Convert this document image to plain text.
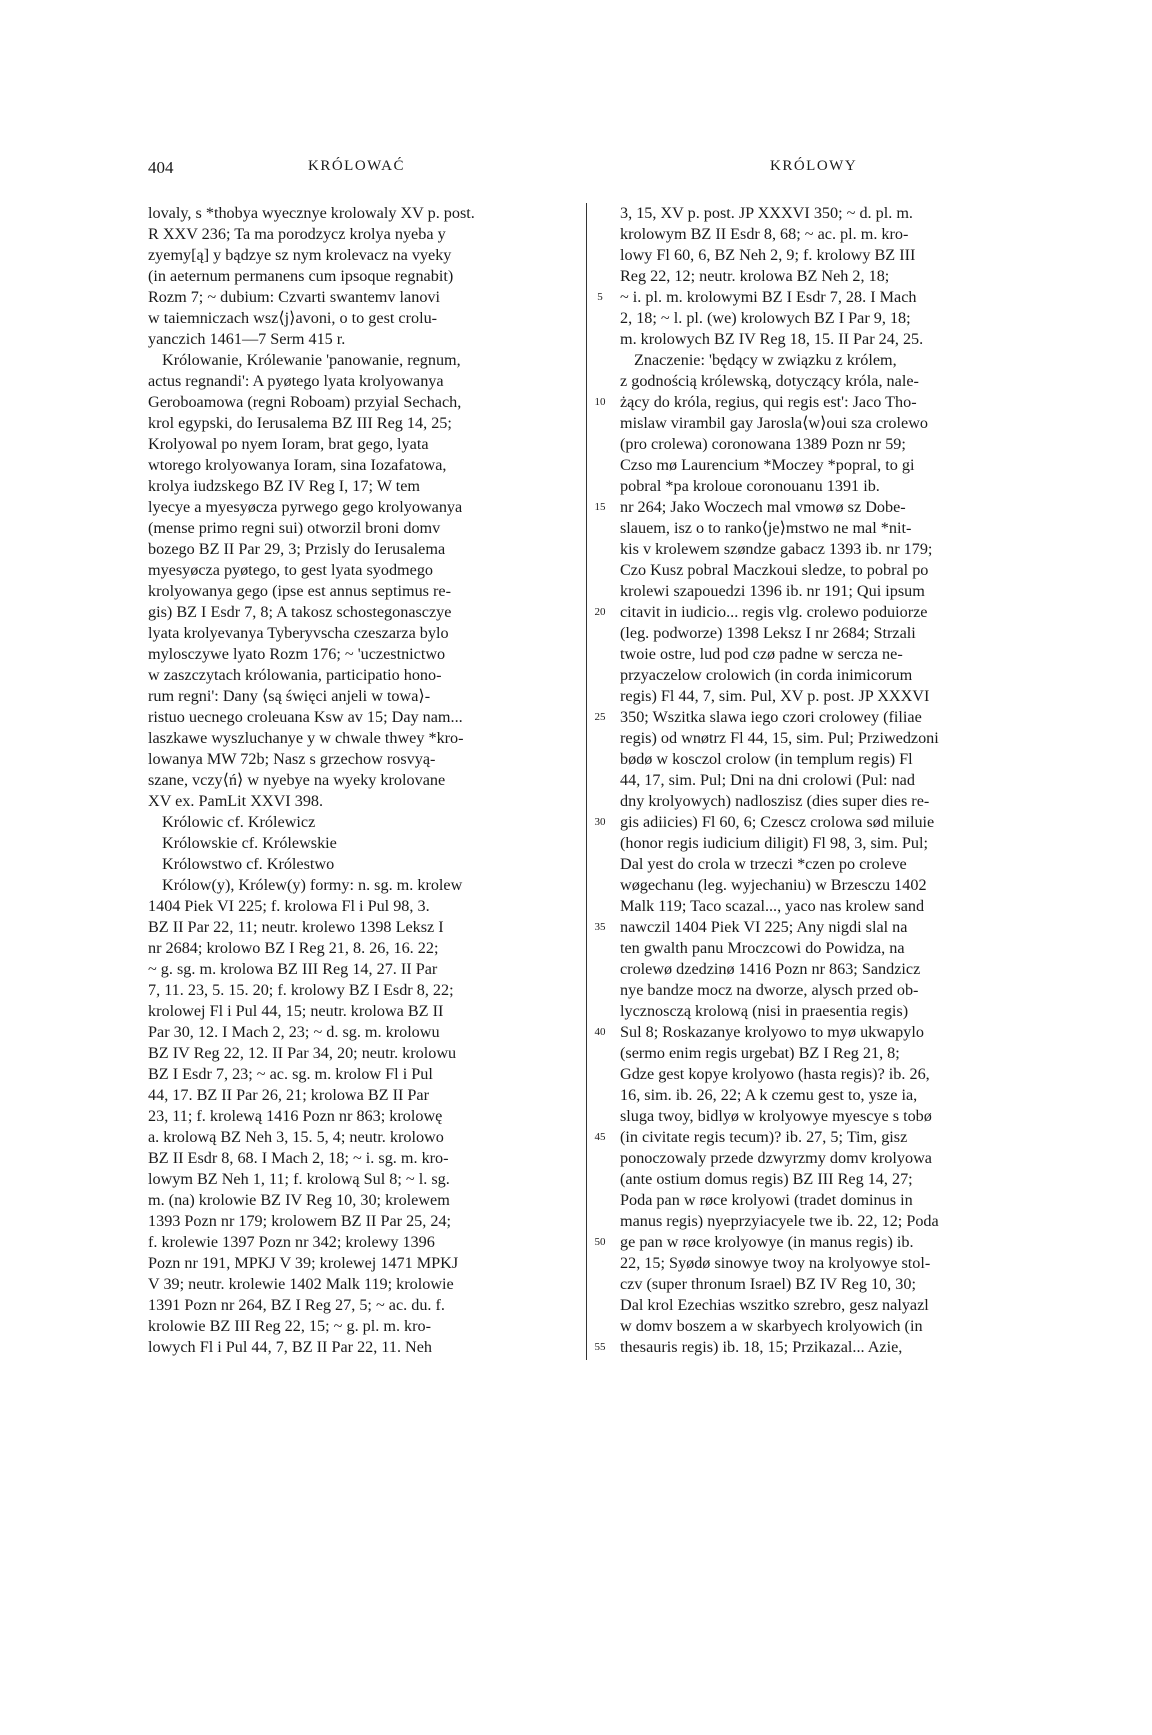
404	KRÓLOWAĆ	KRÓLOWY
lovaly, s *thobya wyecznye krolowaly XV p. post.
R XXV 236; Ta ma porodzycz krolya nyeba y
zyemy[ą] y bądzye sz nym krolevacz na vyeky
(in aeternum permanens cum ipsoque regnabit)
Rozm 7; ~ dubium: Czvarti swantemv lanovi
w taiemniczach wsz⟨j⟩avoni, o to gest crolu-
yanczich 1461—7 Serm 415 r.
Królowanie, Królewanie 'panowanie, regnum,
actus regnandi': A pyøtego lyata krolyowanya
Geroboamowa (regni Roboam) przyial Sechach,
krol egypski, do Ierusalema BZ III Reg 14, 25;
Krolyowal po nyem Ioram, brat gego, lyata
wtorego krolyowanya Ioram, sina Iozafatowa,
krolya iudzskego BZ IV Reg I, 17; W tem
lyecye a myesyøcza pyrwego gego krolyowanya
(mense primo regni sui) otworzil broni domv
bozego BZ II Par 29, 3; Przisly do Ierusalema
myesyøcza pyøtego, to gest lyata syodmego
krolyowanya gego (ipse est annus septimus re-
gis) BZ I Esdr 7, 8; A takosz schostegonasczye
lyata krolyevanya Tyberyvscha czeszarza bylo
mylosczywe lyato Rozm 176; ~ 'uczestnictwo
w zaszczytach królowania, participatio hono-
rum regni': Dany ⟨są święci anjeli w towa⟩-
ristuo uecnego croleuana Ksw av 15; Day nam...
laszkawe wyszluchanye y w chwale thwey *kro-
lowanya MW 72b; Nasz s grzechow rosvyą-
szane, vczy⟨ń⟩ w nyebye na wyeky krolovane
XV ex. PamLit XXVI 398.
Królowic cf. Królewicz
Królowskie cf. Królewskie
Królowstwo cf. Królestwo
Królow(y), Królew(y) formy: n. sg. m. krolew
1404 Piek VI 225; f. krolowa Fl i Pul 98, 3.
BZ II Par 22, 11; neutr. krolewo 1398 Leksz I
nr 2684; krolowo BZ I Reg 21, 8. 26, 16. 22;
~ g. sg. m. krolowa BZ III Reg 14, 27. II Par
7, 11. 23, 5. 15. 20; f. krolowy BZ I Esdr 8, 22;
krolowej Fl i Pul 44, 15; neutr. krolowa BZ II
Par 30, 12. I Mach 2, 23; ~ d. sg. m. krolowu
BZ IV Reg 22, 12. II Par 34, 20; neutr. krolowu
BZ I Esdr 7, 23; ~ ac. sg. m. krolow Fl i Pul
44, 17. BZ II Par 26, 21; krolowa BZ II Par
23, 11; f. krolewą 1416 Pozn nr 863; krolowę
a. krolową BZ Neh 3, 15. 5, 4; neutr. krolowo
BZ II Esdr 8, 68. I Mach 2, 18; ~ i. sg. m. kro-
lowym BZ Neh 1, 11; f. krolową Sul 8; ~ l. sg.
m. (na) krolowie BZ IV Reg 10, 30; krolewem
1393 Pozn nr 179; krolowem BZ II Par 25, 24;
f. krolewie 1397 Pozn nr 342; krolewy 1396
Pozn nr 191, MPKJ V 39; krolewej 1471 MPKJ
V 39; neutr. krolewie 1402 Malk 119; krolowie
1391 Pozn nr 264, BZ I Reg 27, 5; ~ ac. du. f.
krolowie BZ III Reg 22, 15; ~ g. pl. m. kro-
lowych Fl i Pul 44, 7, BZ II Par 22, 11. Neh
5
10
15
20
25
30
35
40
45
50
55
3, 15, XV p. post. JP XXXVI 350; ~ d. pl. m.
krolowym BZ II Esdr 8, 68; ~ ac. pl. m. kro-
lowy Fl 60, 6, BZ Neh 2, 9; f. krolowy BZ III
Reg 22, 12; neutr. krolowa BZ Neh 2, 18;
~ i. pl. m. krolowymi BZ I Esdr 7, 28. I Mach
2, 18; ~ l. pl. (we) krolowych BZ I Par 9, 18;
m. krolowych BZ IV Reg 18, 15. II Par 24, 25.
Znaczenie: 'będący w związku z królem,
z godnością królewską, dotyczący króla, nale-
żący do króla, regius, qui regis est': Jaco Tho-
mislaw virambil gay Jarosla⟨w⟩oui sza crolewo
(pro crolewa) coronowana 1389 Pozn nr 59;
Czso mø Laurencium *Moczey *popral, to gi
pobral *pa kroloue coronouanu 1391 ib.
nr 264; Jako Woczech mal vmowø sz Dobe-
slauem, isz o to ranko⟨je⟩mstwo ne mal *nit-
kis v krolewem szøndze gabacz 1393 ib. nr 179;
Czo Kusz pobral Maczkoui sledze, to pobral po
krolewi szapouedzi 1396 ib. nr 191; Qui ipsum
citavit in iudicio... regis vlg. crolewo poduiorze
(leg. podworze) 1398 Leksz I nr 2684; Strzali
twoie ostre, lud pod czø padne w sercza ne-
przyaczelow crolowich (in corda inimicorum
regis) Fl 44, 7, sim. Pul, XV p. post. JP XXXVI
350; Wszitka slawa iego czori crolowey (filiae
regis) od wnøtrz Fl 44, 15, sim. Pul; Prziwedzoni
bødø w kosczol crolow (in templum regis) Fl
44, 17, sim. Pul; Dni na dni crolowi (Pul: nad
dny krolyowych) nadloszisz (dies super dies re-
gis adiicies) Fl 60, 6; Czescz crolowa sød miluie
(honor regis iudicium diligit) Fl 98, 3, sim. Pul;
Dal yest do crola w trzeczi *czen po croleve
wøgechanu (leg. wyjechaniu) w Brzesczu 1402
Malk 119; Taco scazal..., yaco nas krolew sand
nawczil 1404 Piek VI 225; Any nigdi slal na
ten gwalth panu Mroczcowi do Powidza, na
crolewø dzedzinø 1416 Pozn nr 863; Sandzicz
nye bandze mocz na dworze, alysch przed ob-
lycznosczą krolową (nisi in praesentia regis)
Sul 8; Roskazanye krolyowo to myø ukwapylo
(sermo enim regis urgebat) BZ I Reg 21, 8;
Gdze gest kopye krolyowo (hasta regis)? ib. 26,
16, sim. ib. 26, 22; A k czemu gest to, ysze ia,
sluga twoy, bidlyø w krolyowye myescye s tobø
(in civitate regis tecum)? ib. 27, 5; Tim, gisz
ponoczowaly przede dzwyrzmy domv krolyowa
(ante ostium domus regis) BZ III Reg 14, 27;
Poda pan w røce krolyowi (tradet dominus in
manus regis) nyeprzyiacyele twe ib. 22, 12; Poda
ge pan w røce krolyowye (in manus regis) ib.
22, 15; Syødø sinowye twoy na krolyowye stol-
czv (super thronum Israel) BZ IV Reg 10, 30;
Dal krol Ezechias wszitko szrebro, gesz nalyazl
w domv boszem a w skarbyech krolyowich (in
thesauris regis) ib. 18, 15; Przikazal... Azie,
